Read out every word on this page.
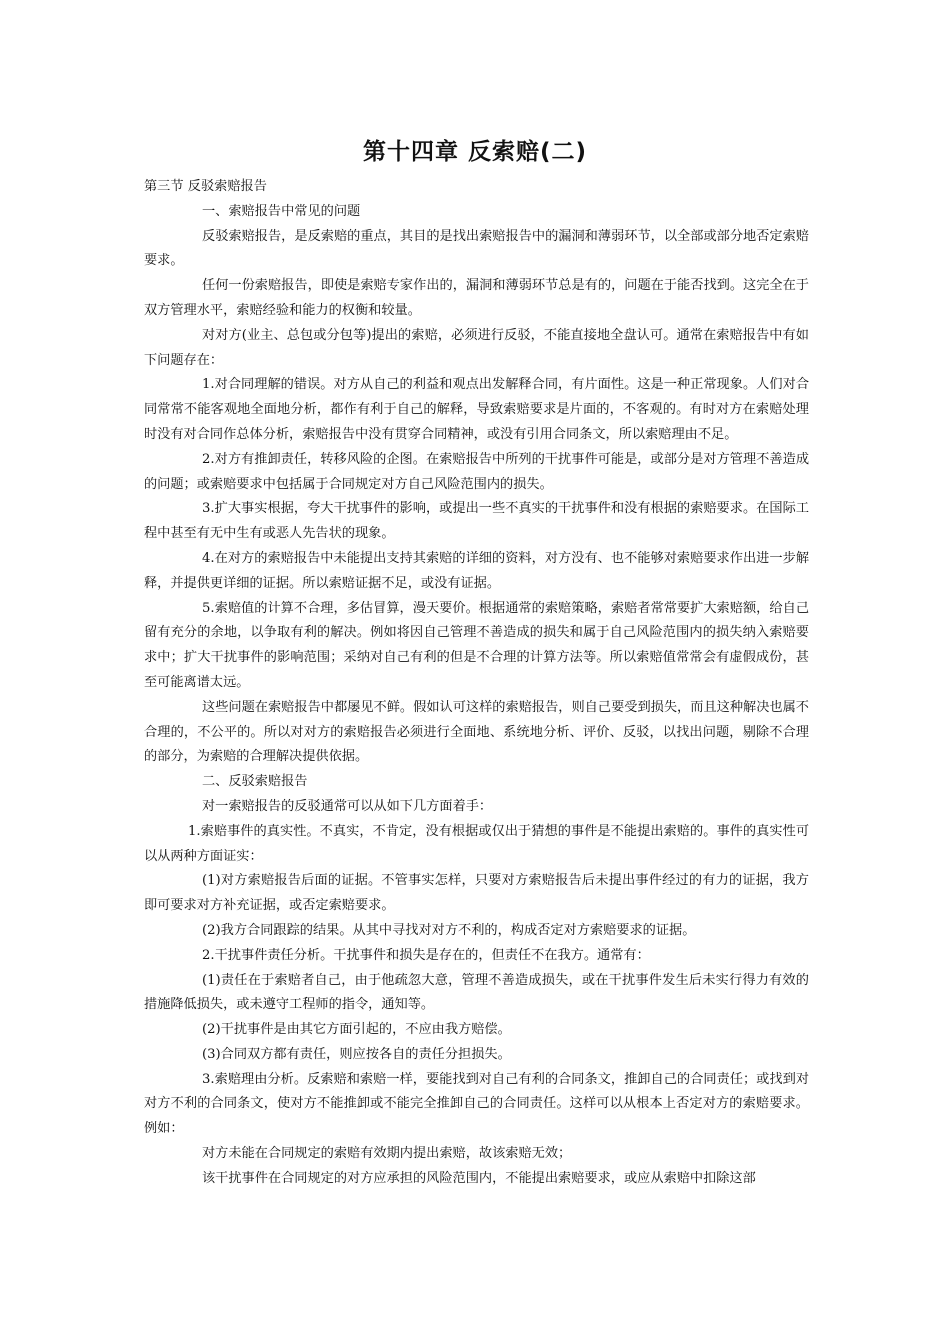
第十四章 反索赔(二)

第三节 反驳索赔报告

一、索赔报告中常见的问题

反驳索赔报告，是反索赔的重点，其目的是找出索赔报告中的漏洞和薄弱环节，以全部或部分地否定索赔要求。

任何一份索赔报告，即使是索赔专家作出的，漏洞和薄弱环节总是有的，问题在于能否找到。这完全在于双方管理水平，索赔经验和能力的权衡和较量。

对对方(业主、总包或分包等)提出的索赔，必须进行反驳，不能直接地全盘认可。通常在索赔报告中有如下问题存在：

1.对合同理解的错误。对方从自己的利益和观点出发解释合同，有片面性。这是一种正常现象。人们对合同常常不能客观地全面地分析，都作有利于自己的解释，导致索赔要求是片面的，不客观的。有时对方在索赔处理时没有对合同作总体分析，索赔报告中没有贯穿合同精神，或没有引用合同条文，所以索赔理由不足。

2.对方有推卸责任，转移风险的企图。在索赔报告中所列的干扰事件可能是，或部分是对方管理不善造成的问题；或索赔要求中包括属于合同规定对方自己风险范围内的损失。

3.扩大事实根据，夸大干扰事件的影响，或提出一些不真实的干扰事件和没有根据的索赔要求。在国际工程中甚至有无中生有或恶人先告状的现象。

4.在对方的索赔报告中未能提出支持其索赔的详细的资料，对方没有、也不能够对索赔要求作出进一步解释，并提供更详细的证据。所以索赔证据不足，或没有证据。

5.索赔值的计算不合理，多估冒算，漫天要价。根据通常的索赔策略，索赔者常常要扩大索赔额，给自己留有充分的余地，以争取有利的解决。例如将因自己管理不善造成的损失和属于自己风险范围内的损失纳入索赔要求中；扩大干扰事件的影响范围；采纳对自己有利的但是不合理的计算方法等。所以索赔值常常会有虚假成份，甚至可能离谱太远。

这些问题在索赔报告中都屡见不鲜。假如认可这样的索赔报告，则自己要受到损失，而且这种解决也属不合理的，不公平的。所以对对方的索赔报告必须进行全面地、系统地分析、评价、反驳，以找出问题，剔除不合理的部分，为索赔的合理解决提供依据。

二、反驳索赔报告

对一索赔报告的反驳通常可以从如下几方面着手：

1.索赔事件的真实性。不真实，不肯定，没有根据或仅出于猜想的事件是不能提出索赔的。事件的真实性可以从两种方面证实：

(1)对方索赔报告后面的证据。不管事实怎样，只要对方索赔报告后未提出事件经过的有力的证据，我方即可要求对方补充证据，或否定索赔要求。

(2)我方合同跟踪的结果。从其中寻找对对方不利的，构成否定对方索赔要求的证据。

2.干扰事件责任分析。干扰事件和损失是存在的，但责任不在我方。通常有：

(1)责任在于索赔者自己，由于他疏忽大意，管理不善造成损失，或在干扰事件发生后未实行得力有效的措施降低损失，或未遵守工程师的指令，通知等。

(2)干扰事件是由其它方面引起的，不应由我方赔偿。

(3)合同双方都有责任，则应按各自的责任分担损失。

3.索赔理由分析。反索赔和索赔一样，要能找到对自己有利的合同条文，推卸自己的合同责任；或找到对对方不利的合同条文，使对方不能推卸或不能完全推卸自己的合同责任。这样可以从根本上否定对方的索赔要求。例如：

对方未能在合同规定的索赔有效期内提出索赔，故该索赔无效；

该干扰事件在合同规定的对方应承担的风险范围内，不能提出索赔要求，或应从索赔中扣除这部
